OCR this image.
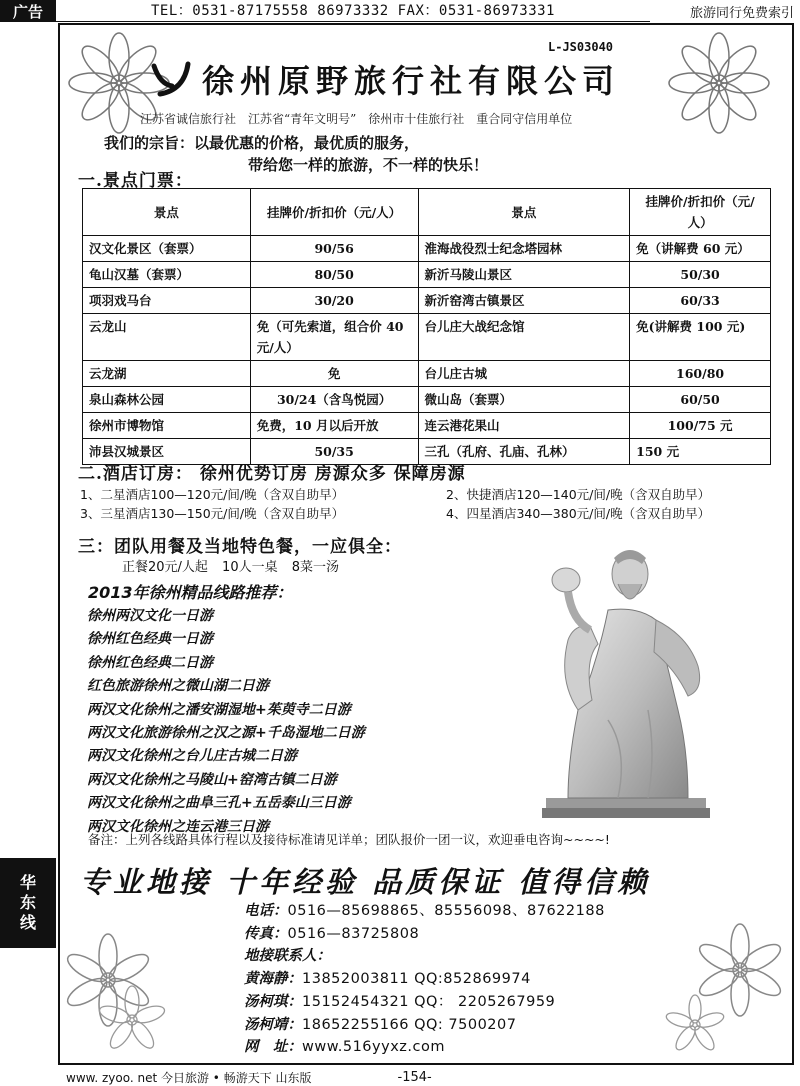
广告	TEL：0531-87175558 86973332 FAX：0531-86973331	旅游同行免费索引
华
东
线
L-JS03040
徐州原野旅行社有限公司
江苏省诚信旅行社　江苏省“青年文明号”　徐州市十佳旅行社　重合同守信用单位
我们的宗旨：以最优惠的价格，最优质的服务，
带给您一样的旅游，不一样的快乐！
一.景点门票：
景点	挂牌价/折扣价（元/人）	景点	挂牌价/折扣价（元/人）
汉文化景区（套票）	90/56	淮海战役烈士纪念塔园林	免（讲解费 60 元）
龟山汉墓（套票）	80/50	新沂马陵山景区	50/30
项羽戏马台	30/20	新沂窑湾古镇景区	60/33
云龙山	免（可先索道，组合价 40 元/人）	台儿庄大战纪念馆	免(讲解费 100 元)
云龙湖	免	台儿庄古城	160/80
泉山森林公园	30/24（含鸟悦园）	微山岛（套票）	60/50
徐州市博物馆	免费，10 月以后开放	连云港花果山	100/75 元
沛县汉城景区	50/35	三孔（孔府、孔庙、孔林）	150 元
二.酒店订房： 徐州优势订房 房源众多 保障房源
1、二星酒店100—120元/间/晚（含双自助早）	2、快捷酒店120—140元/间/晚（含双自助早）
3、三星酒店130—150元/间/晚（含双自助早）	4、四星酒店340—380元/间/晚（含双自助早）
三：团队用餐及当地特色餐，一应俱全：
正餐20元/人起 10人一桌 8菜一汤
2013年徐州精品线路推荐：
徐州两汉文化一日游
徐州红色经典一日游
徐州红色经典二日游
红色旅游徐州之微山湖二日游
两汉文化徐州之潘安湖湿地+茱萸寺二日游
两汉文化旅游徐州之汉之源+千岛湿地二日游
两汉文化徐州之台儿庄古城二日游
两汉文化徐州之马陵山+窑湾古镇二日游
两汉文化徐州之曲阜三孔+五岳泰山三日游
两汉文化徐州之连云港三日游
备注：上列各线路具体行程以及接待标准请见详单；团队报价一团一议，欢迎垂电咨询~~~~!
专业地接 十年经验 品质保证 值得信赖
电话：0516—85698865、85556098、87622188
传真：0516—83725808
地接联系人：
黄海静：13852003811 QQ:852869974
汤柯琪：15152454321 QQ： 2205267959
汤柯靖：18652255166 QQ: 7500207
网　址：www.516yyxz.com
www. zyoo. net 今日旅游 • 畅游天下 山东版	-154-
